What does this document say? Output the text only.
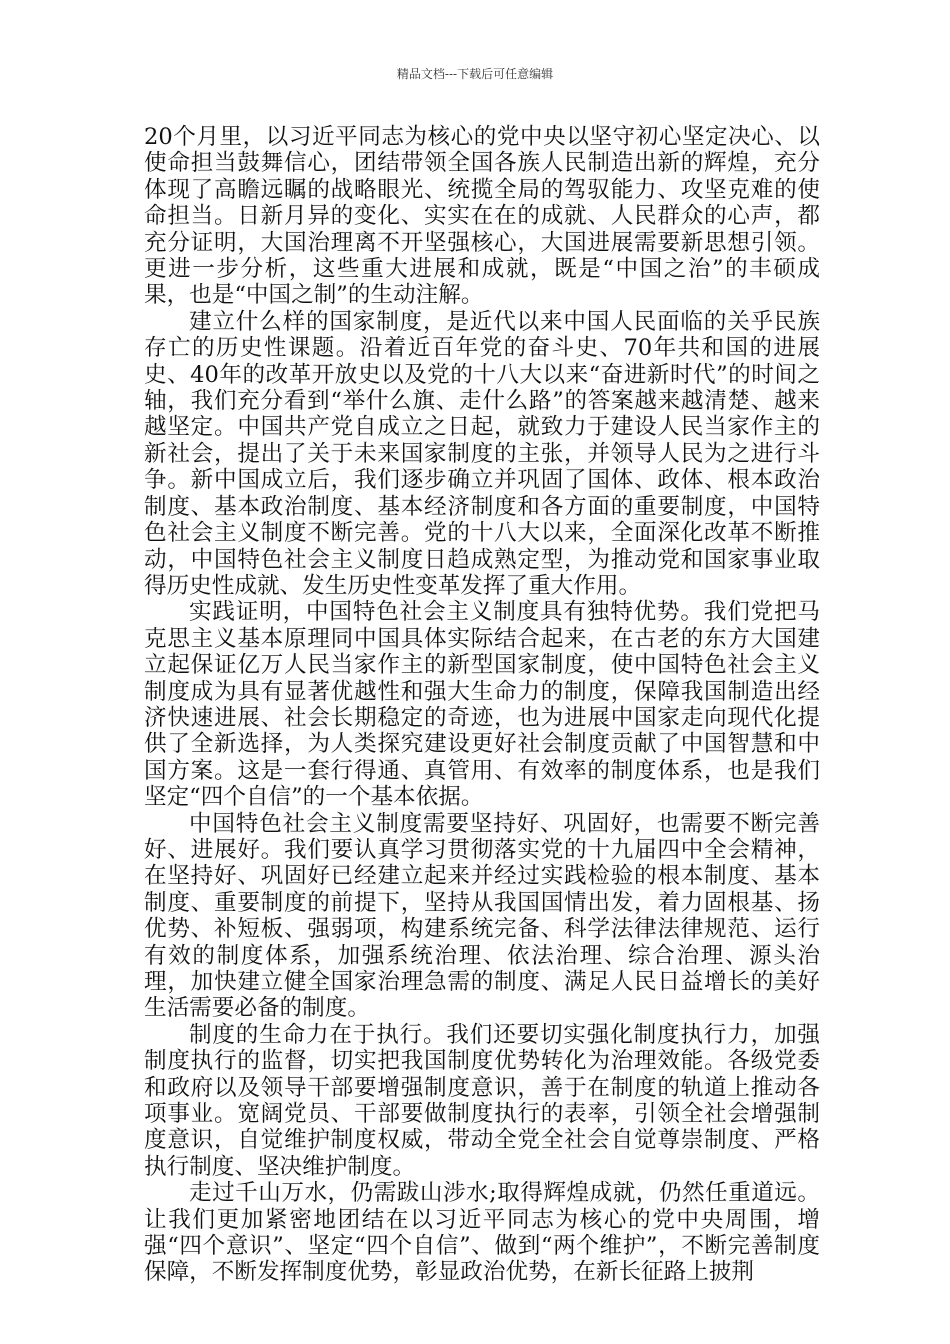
精品文档---下载后可任意编辑

20个月里，以习近平同志为核心的党中央以坚守初心坚定决心、以使命担当鼓舞信心，团结带领全国各族人民制造出新的辉煌，充分体现了高瞻远瞩的战略眼光、统揽全局的驾驭能力、攻坚克难的使命担当。日新月异的变化、实实在在的成就、人民群众的心声，都充分证明，大国治理离不开坚强核心，大国进展需要新思想引领。更进一步分析，这些重大进展和成就，既是“中国之治”的丰硕成果，也是“中国之制”的生动注解。

建立什么样的国家制度，是近代以来中国人民面临的关乎民族存亡的历史性课题。沿着近百年党的奋斗史、70年共和国的进展史、40年的改革开放史以及党的十八大以来“奋进新时代”的时间之轴，我们充分看到“举什么旗、走什么路”的答案越来越清楚、越来越坚定。中国共产党自成立之日起，就致力于建设人民当家作主的新社会，提出了关于未来国家制度的主张，并领导人民为之进行斗争。新中国成立后，我们逐步确立并巩固了国体、政体、根本政治制度、基本政治制度、基本经济制度和各方面的重要制度，中国特色社会主义制度不断完善。党的十八大以来，全面深化改革不断推动，中国特色社会主义制度日趋成熟定型，为推动党和国家事业取得历史性成就、发生历史性变革发挥了重大作用。

实践证明，中国特色社会主义制度具有独特优势。我们党把马克思主义基本原理同中国具体实际结合起来，在古老的东方大国建立起保证亿万人民当家作主的新型国家制度，使中国特色社会主义制度成为具有显著优越性和强大生命力的制度，保障我国制造出经济快速进展、社会长期稳定的奇迹，也为进展中国家走向现代化提供了全新选择，为人类探究建设更好社会制度贡献了中国智慧和中国方案。这是一套行得通、真管用、有效率的制度体系，也是我们坚定“四个自信”的一个基本依据。

中国特色社会主义制度需要坚持好、巩固好，也需要不断完善好、进展好。我们要认真学习贯彻落实党的十九届四中全会精神，在坚持好、巩固好已经建立起来并经过实践检验的根本制度、基本制度、重要制度的前提下，坚持从我国国情出发，着力固根基、扬优势、补短板、强弱项，构建系统完备、科学法律法律规范、运行有效的制度体系，加强系统治理、依法治理、综合治理、源头治理，加快建立健全国家治理急需的制度、满足人民日益增长的美好生活需要必备的制度。

制度的生命力在于执行。我们还要切实强化制度执行力，加强制度执行的监督，切实把我国制度优势转化为治理效能。各级党委和政府以及领导干部要增强制度意识，善于在制度的轨道上推动各项事业。宽阔党员、干部要做制度执行的表率，引领全社会增强制度意识，自觉维护制度权威，带动全党全社会自觉尊崇制度、严格执行制度、坚决维护制度。

走过千山万水，仍需跋山涉水;取得辉煌成就，仍然任重道远。让我们更加紧密地团结在以习近平同志为核心的党中央周围，增强“四个意识”、坚定“四个自信”、做到“两个维护”，不断完善制度保障，不断发挥制度优势，彰显政治优势，在新长征路上披荆
